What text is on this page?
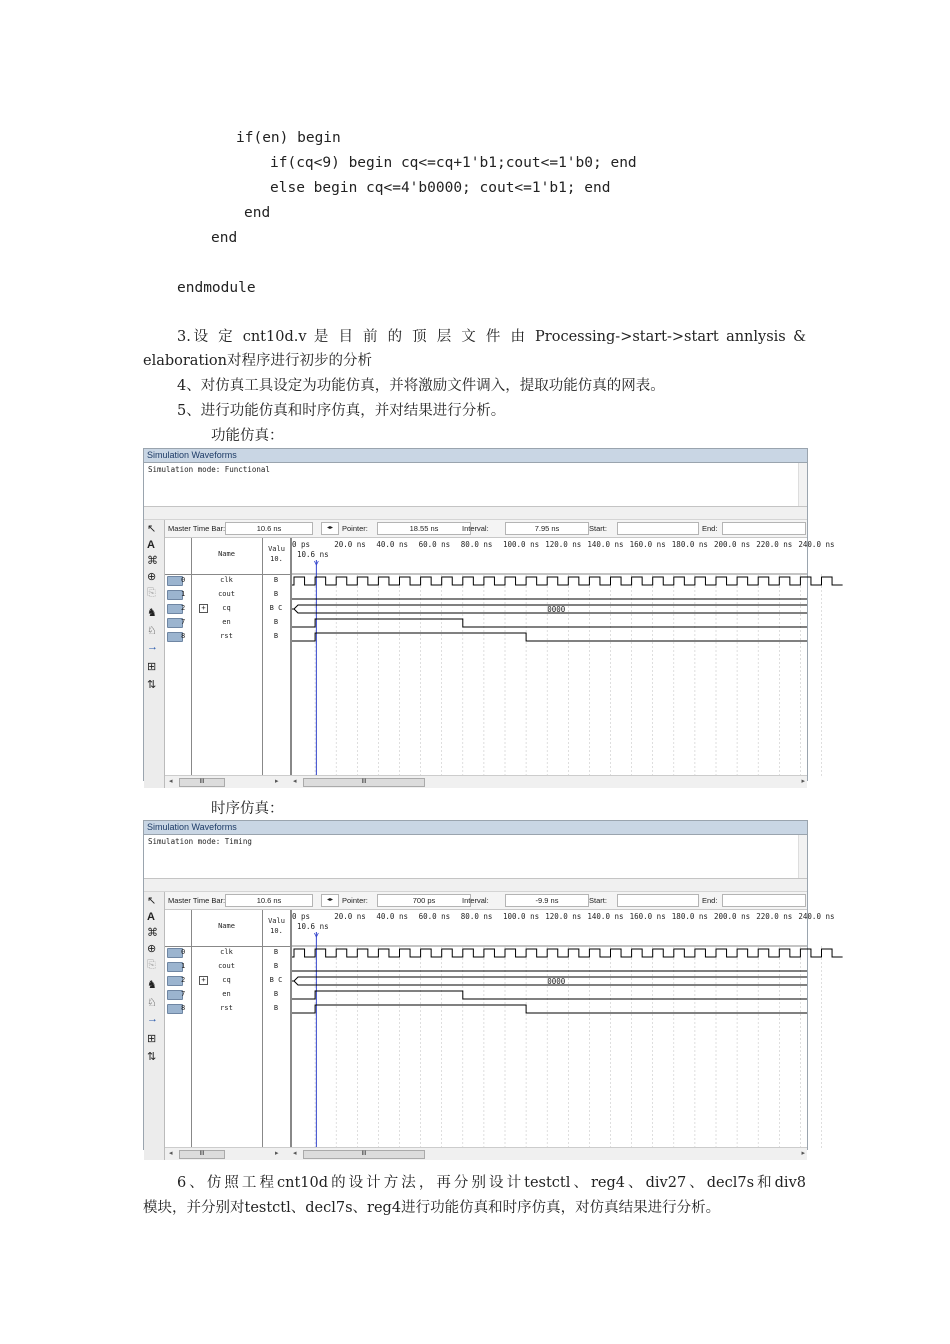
if(en) begin
if(cq<9) begin cq<=cq+1'b1;cout<=1'b0; end
else begin cq<=4'b0000; cout<=1'b1; end
end
end
endmodule
3.设 定 cnt10d.v 是 目 前 的 顶 层 文 件 由 Processing->start->start annlysis &
elaboration对程序进行初步的分析
4、对仿真工具设定为功能仿真，并将激励文件调入，提取功能仿真的网表。
5、进行功能仿真和时序仿真，并对结果进行分析。
功能仿真：
Simulation Waveforms
Simulation mode: Functional
↖
A
⌘
⊕
⎘
♞
♘
→
⊞
⇅
Master Time Bar:	10.6 ns	◂▸	Pointer:	18.55 ns	Interval:	7.95 ns	Start:	End:
Name
Valu 10.
0	clk	B
1	cout	B
2	+	cq	B C
7	en	B
8	rst	B
0 ps	20.0 ns 40.0 ns 60.0 ns 80.0 ns 100.0 ns 120.0 ns 140.0 ns 160.0 ns 180.0 ns 200.0 ns 220.0 ns 240.0 ns
10.6 ns
0000
◂	III	▸ ◂	III	▸
时序仿真：
Simulation Waveforms
Simulation mode: Timing
↖
A
⌘
⊕
⎘
♞
♘
→
⊞
⇅
Master Time Bar:	10.6 ns	◂▸	Pointer:	700 ps	Interval:	-9.9 ns	Start:	End:
Name
Valu 10.
0	clk	B
1	cout	B
2	+	cq	B C
7	en	B
8	rst	B
0 ps	20.0 ns 40.0 ns 60.0 ns 80.0 ns 100.0 ns 120.0 ns 140.0 ns 160.0 ns 180.0 ns 200.0 ns 220.0 ns 240.0 ns
10.6 ns
0000
◂	III	▸ ◂	III	▸
6、仿照工程cnt10d的设计方法，再分别设计testctl、reg4、div27、decl7s和div8
模块，并分别对testctl、decl7s、reg4进行功能仿真和时序仿真，对仿真结果进行分析。
